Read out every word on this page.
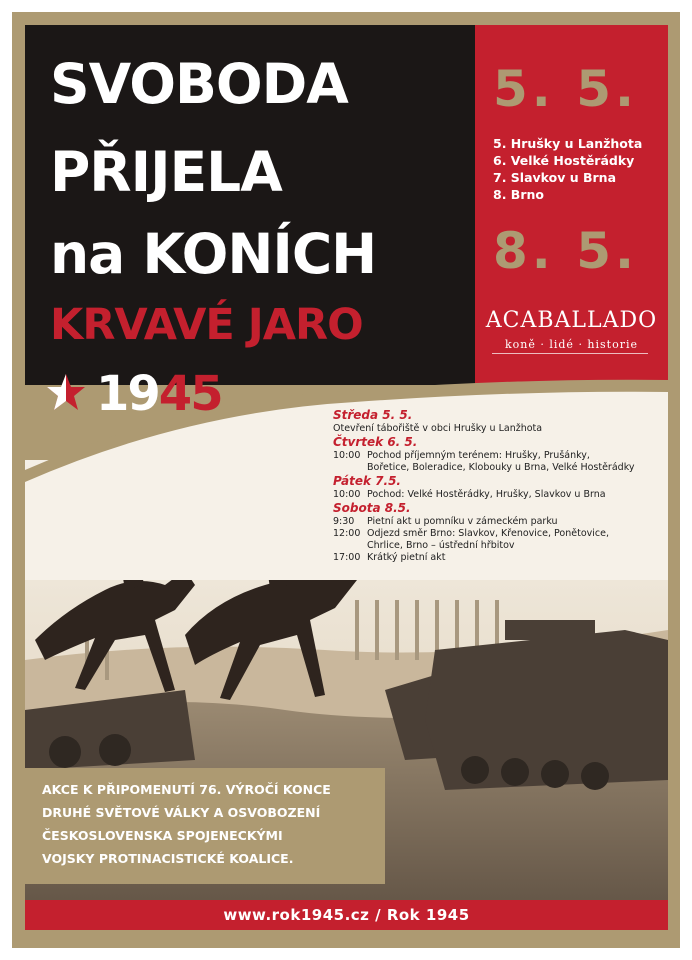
SVOBODA
PŘIJELA
na KONÍCH
KRVAVÉ JARO
1945
5. 5.
5. Hrušky u Lanžhota
6. Velké Hostěrádky
7. Slavkov u Brna
8. Brno
8. 5.
ACABALLADO
koně · lidé · historie
Středa 5. 5.
Otevření tábořiště v obci Hrušky u Lanžhota
Čtvrtek 6. 5.
10:00 Pochod příjemným terénem: Hrušky, Prušánky,
Bořetice, Boleradice, Klobouky u Brna, Velké Hostěrádky
Pátek 7.5.
10:00 Pochod: Velké Hostěrádky, Hrušky, Slavkov u Brna
Sobota 8.5.
9:30 Pietní akt u pomníku v zámeckém parku
12:00 Odjezd směr Brno: Slavkov, Křenovice, Ponětovice,
Chrlice, Brno – ústřední hřbitov
17:00 Krátký pietní akt

AKCE K PŘIPOMENUTÍ 76. VÝROČÍ KONCE
DRUHÉ SVĚTOVÉ VÁLKY A OSVOBOZENÍ
ČESKOSLOVENSKA SPOJENECKÝMI
VOJSKY PROTINACISTICKÉ KOALICE.

www.rok1945.cz / Rok 1945
